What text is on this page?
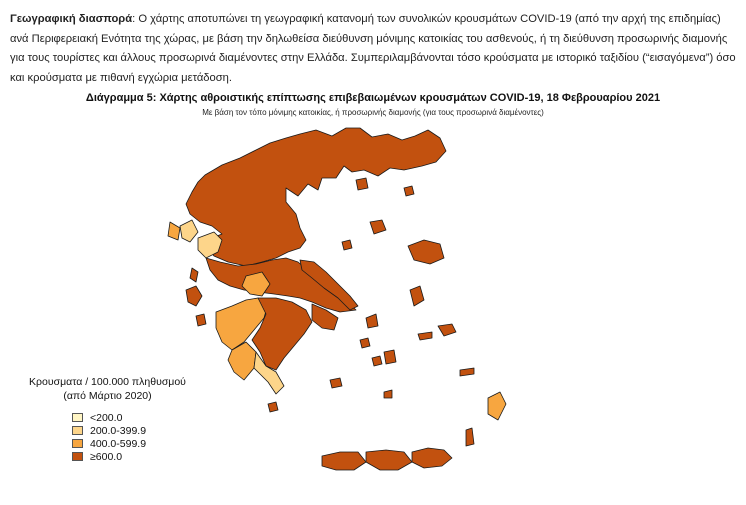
Γεωγραφική διασπορά: Ο χάρτης αποτυπώνει τη γεωγραφική κατανομή των συνολικών κρουσμάτων COVID-19 (από την αρχή της επιδημίας) ανά Περιφερειακή Ενότητα της χώρας, με βάση την δηλωθείσα διεύθυνση μόνιμης κατοικίας του ασθενούς, ή τη διεύθυνση προσωρινής διαμονής για τους τουρίστες και άλλους προσωρινά διαμένοντες στην Ελλάδα. Συμπεριλαμβάνονται τόσο κρούσματα με ιστορικό ταξιδίου (“εισαγόμενα”) όσο και κρούσματα με πιθανή εγχώρια μετάδοση.
Διάγραμμα 5: Χάρτης αθροιστικής επίπτωσης επιβεβαιωμένων κρουσμάτων COVID-19, 18 Φεβρουαρίου 2021
Με βάση τον τόπο μόνιμης κατοικίας, ή προσωρινής διαμονής (για τους προσωρινά διαμένοντες)
Κρουσματα / 100.000 πληθυσμού
(από Μάρτιο 2020)
<200.0
200.0-399.9
400.0-599.9
≥600.0
